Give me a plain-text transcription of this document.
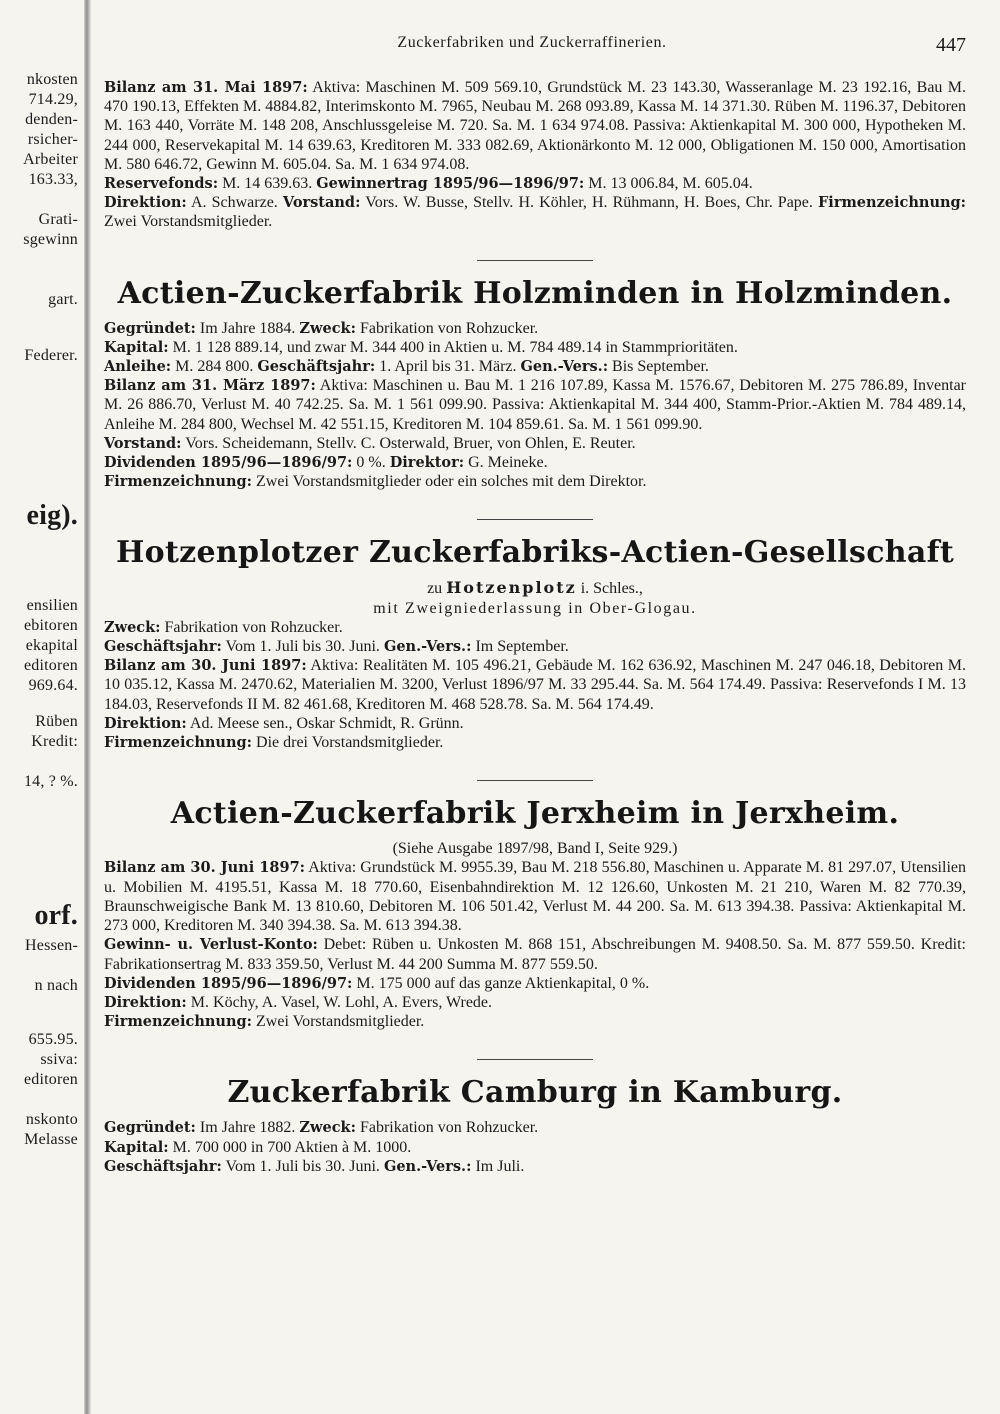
nkosten
714.29,
denden-
rsicher-
Arbeiter
163.33,
Grati-
sgewinn
gart.
Federer.
eig).
ensilien
ebitoren
ekapital
editoren
969.64.
Rüben
Kredit:
14, ? %.
orf.
Hessen-
n nach
655.95.
ssiva:
editoren
nskonto
Melasse
Zuckerfabriken und Zuckerraffinerien.	447

Bilanz am 31. Mai 1897: Aktiva: Maschinen M. 509 569.10, Grundstück M. 23 143.30, Wasseranlage M. 23 192.16, Bau M. 470 190.13, Effekten M. 4884.82, Interimskonto M. 7965, Neubau M. 268 093.89, Kassa M. 14 371.30. Rüben M. 1196.37, Debitoren M. 163 440, Vorräte M. 148 208, Anschlussgeleise M. 720. Sa. M. 1 634 974.08. Passiva: Aktienkapital M. 300 000, Hypotheken M. 244 000, Reservekapital M. 14 639.63, Kreditoren M. 333 082.69, Aktionärkonto M. 12 000, Obligationen M. 150 000, Amortisation M. 580 646.72, Gewinn M. 605.04. Sa. M. 1 634 974.08.

Reservefonds: M. 14 639.63. Gewinnertrag 1895/96—1896/97: M. 13 006.84, M. 605.04.

Direktion: A. Schwarze. Vorstand: Vors. W. Busse, Stellv. H. Köhler, H. Rühmann, H. Boes, Chr. Pape. Firmenzeichnung: Zwei Vorstandsmitglieder.

Actien-Zuckerfabrik Holzminden in Holzminden.

Gegründet: Im Jahre 1884. Zweck: Fabrikation von Rohzucker.

Kapital: M. 1 128 889.14, und zwar M. 344 400 in Aktien u. M. 784 489.14 in Stammprioritäten.

Anleihe: M. 284 800. Geschäftsjahr: 1. April bis 31. März. Gen.-Vers.: Bis September.

Bilanz am 31. März 1897: Aktiva: Maschinen u. Bau M. 1 216 107.89, Kassa M. 1576.67, Debitoren M. 275 786.89, Inventar M. 26 886.70, Verlust M. 40 742.25. Sa. M. 1 561 099.90. Passiva: Aktienkapital M. 344 400, Stamm-Prior.-Aktien M. 784 489.14, Anleihe M. 284 800, Wechsel M. 42 551.15, Kreditoren M. 104 859.61. Sa. M. 1 561 099.90.

Vorstand: Vors. Scheidemann, Stellv. C. Osterwald, Bruer, von Ohlen, E. Reuter.

Dividenden 1895/96—1896/97: 0 %. Direktor: G. Meineke.

Firmenzeichnung: Zwei Vorstandsmitglieder oder ein solches mit dem Direktor.

Hotzenplotzer Zuckerfabriks-Actien-Gesellschaft

zu Hotzenplotz i. Schles.,

mit Zweigniederlassung in Ober-Glogau.

Zweck: Fabrikation von Rohzucker.

Geschäftsjahr: Vom 1. Juli bis 30. Juni. Gen.-Vers.: Im September.

Bilanz am 30. Juni 1897: Aktiva: Realitäten M. 105 496.21, Gebäude M. 162 636.92, Maschinen M. 247 046.18, Debitoren M. 10 035.12, Kassa M. 2470.62, Materialien M. 3200, Verlust 1896/97 M. 33 295.44. Sa. M. 564 174.49. Passiva: Reservefonds I M. 13 184.03, Reservefonds II M. 82 461.68, Kreditoren M. 468 528.78. Sa. M. 564 174.49.

Direktion: Ad. Meese sen., Oskar Schmidt, R. Grünn.

Firmenzeichnung: Die drei Vorstandsmitglieder.

Actien-Zuckerfabrik Jerxheim in Jerxheim.

(Siehe Ausgabe 1897/98, Band I, Seite 929.)

Bilanz am 30. Juni 1897: Aktiva: Grundstück M. 9955.39, Bau M. 218 556.80, Maschinen u. Apparate M. 81 297.07, Utensilien u. Mobilien M. 4195.51, Kassa M. 18 770.60, Eisenbahndirektion M. 12 126.60, Unkosten M. 21 210, Waren M. 82 770.39, Braunschweigische Bank M. 13 810.60, Debitoren M. 106 501.42, Verlust M. 44 200. Sa. M. 613 394.38. Passiva: Aktienkapital M. 273 000, Kreditoren M. 340 394.38. Sa. M. 613 394.38.

Gewinn- u. Verlust-Konto: Debet: Rüben u. Unkosten M. 868 151, Abschreibungen M. 9408.50. Sa. M. 877 559.50. Kredit: Fabrikationsertrag M. 833 359.50, Verlust M. 44 200 Summa M. 877 559.50.

Dividenden 1895/96—1896/97: M. 175 000 auf das ganze Aktienkapital, 0 %.

Direktion: M. Köchy, A. Vasel, W. Lohl, A. Evers, Wrede.

Firmenzeichnung: Zwei Vorstandsmitglieder.

Zuckerfabrik Camburg in Kamburg.

Gegründet: Im Jahre 1882. Zweck: Fabrikation von Rohzucker.

Kapital: M. 700 000 in 700 Aktien à M. 1000.

Geschäftsjahr: Vom 1. Juli bis 30. Juni. Gen.-Vers.: Im Juli.
